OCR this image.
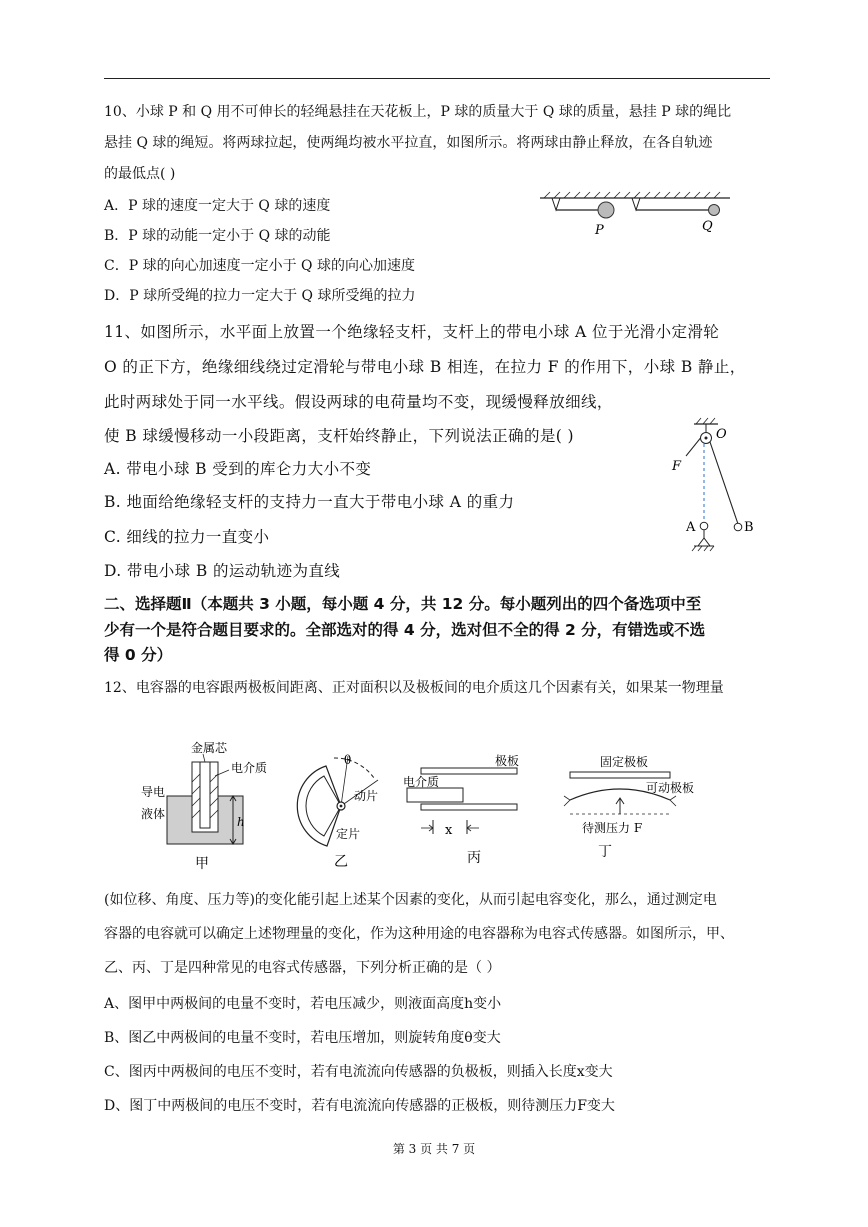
10、小球 P 和 Q 用不可伸长的轻绳悬挂在天花板上，P 球的质量大于 Q 球的质量，悬挂 P 球的绳比
悬挂 Q 球的绳短。将两球拉起，使两绳均被水平拉直，如图所示。将两球由静止释放，在各自轨迹
的最低点( )
A．P 球的速度一定大于 Q 球的速度
B．P 球的动能一定小于 Q 球的动能
C．P 球的向心加速度一定小于 Q 球的向心加速度
D．P 球所受绳的拉力一定大于 Q 球所受绳的拉力
P	Q
11、如图所示，水平面上放置一个绝缘轻支杆，支杆上的带电小球 A 位于光滑小定滑轮
O 的正下方，绝缘细线绕过定滑轮与带电小球 B 相连，在拉力 F 的作用下，小球 B 静止，
此时两球处于同一水平线。假设两球的电荷量均不变，现缓慢释放细线，
使 B 球缓慢移动一小段距离，支杆始终静止，下列说法正确的是( )
A. 带电小球 B 受到的库仑力大小不变
B. 地面给绝缘轻支杆的支持力一直大于带电小球 A 的重力
C. 细线的拉力一直变小
D. 带电小球 B 的运动轨迹为直线
O
F
A	B
二、选择题Ⅱ（本题共 3 小题，每小题 4 分，共 12 分。每小题列出的四个备选项中至
少有一个是符合题目要求的。全部选对的得 4 分，选对但不全的得 2 分，有错选或不选
得 0 分）
12、电容器的电容跟两极板间距离、正对面积以及极板间的电介质这几个因素有关，如果某一物理量
金属芯
电介质
导电
液体
h
甲
θ
动片
定片
乙
极板
电介质
x
丙
固定极板
可动极板
待测压力 F
丁
(如位移、角度、压力等)的变化能引起上述某个因素的变化，从而引起电容变化，那么，通过测定电
容器的电容就可以确定上述物理量的变化，作为这种用途的电容器称为电容式传感器。如图所示，甲、
乙、丙、丁是四种常见的电容式传感器，下列分析正确的是（ ）
A、图甲中两极间的电量不变时，若电压减少，则液面高度h变小
B、图乙中两极间的电量不变时，若电压增加，则旋转角度θ变大
C、图丙中两极间的电压不变时，若有电流流向传感器的负极板，则插入长度x变大
D、图丁中两极间的电压不变时，若有电流流向传感器的正极板，则待测压力F变大
第 3 页 共 7 页
